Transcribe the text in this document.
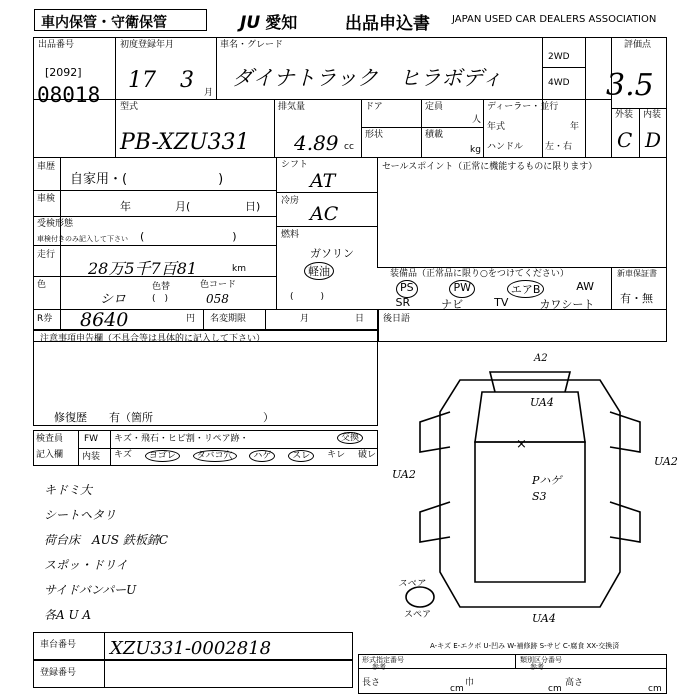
車内保管・守衛保管	JU 愛知	出品申込書 JAPAN USED CAR DEALERS ASSOCIATION
出品番号
[2092]
08018
初度登録年月
17 3 月
車名・グレード
ダイナトラック　ヒラボディ
2WD
4WD
評価点
3.5
外装 内装
C D
型式
PB-XZU331
排気量
4.89 cc
ドア
形状
定員
人
積載
kg
ディーラー・並行
年式	年
ハンドル 左・右
車歴
自家用・(　　　　　　　)
車検
年	月(	日)
受検形態
車検付きのみ記入して下さい (　　　　　　　　)
走行
28万5千7百81	km
色
シロ
色替	色コード
058
(　)
シフト
AT
冷房
AC
燃料
ガソリン
軽油
(　　　)
セールスポイント（正常に機能するものに限ります）
装備品（正常品に限り○をつけてください）
PS	PW	エアB	AW
SR	ナビ	TV	カワシート
新車保証書
有・無
R券 8640	円 名変期限	月	日 後日語
注意事項申告欄（不具合等は具体的に記入して下さい）
修復歴　　有（箇所　　　　　　　　　　）
検査員
記入欄
FW キズ・飛石・ヒビ割・リペア跡・	交換
内装 キズ	ヨゴレ	タバコ穴	ハゲ	スレ	キレ 破レ
キドミ大
シートヘタリ
荷台床　AUS 鉄板錆C
スポッ・ドリイ
サイドバンパーU
各A U A
A2
UA4
UA2
UA2
×
Pハゲ
S3
UA4
スペア
スペア
A-キズ E-エクボ U-凹み W-補修跡 S-サビ C-腐食 XX-交換済
車台番号 XZU331-0002818
登録番号
形式指定番号	類別区分番号
参考	参考
長さ
cm
巾
cm
高さ
cm
